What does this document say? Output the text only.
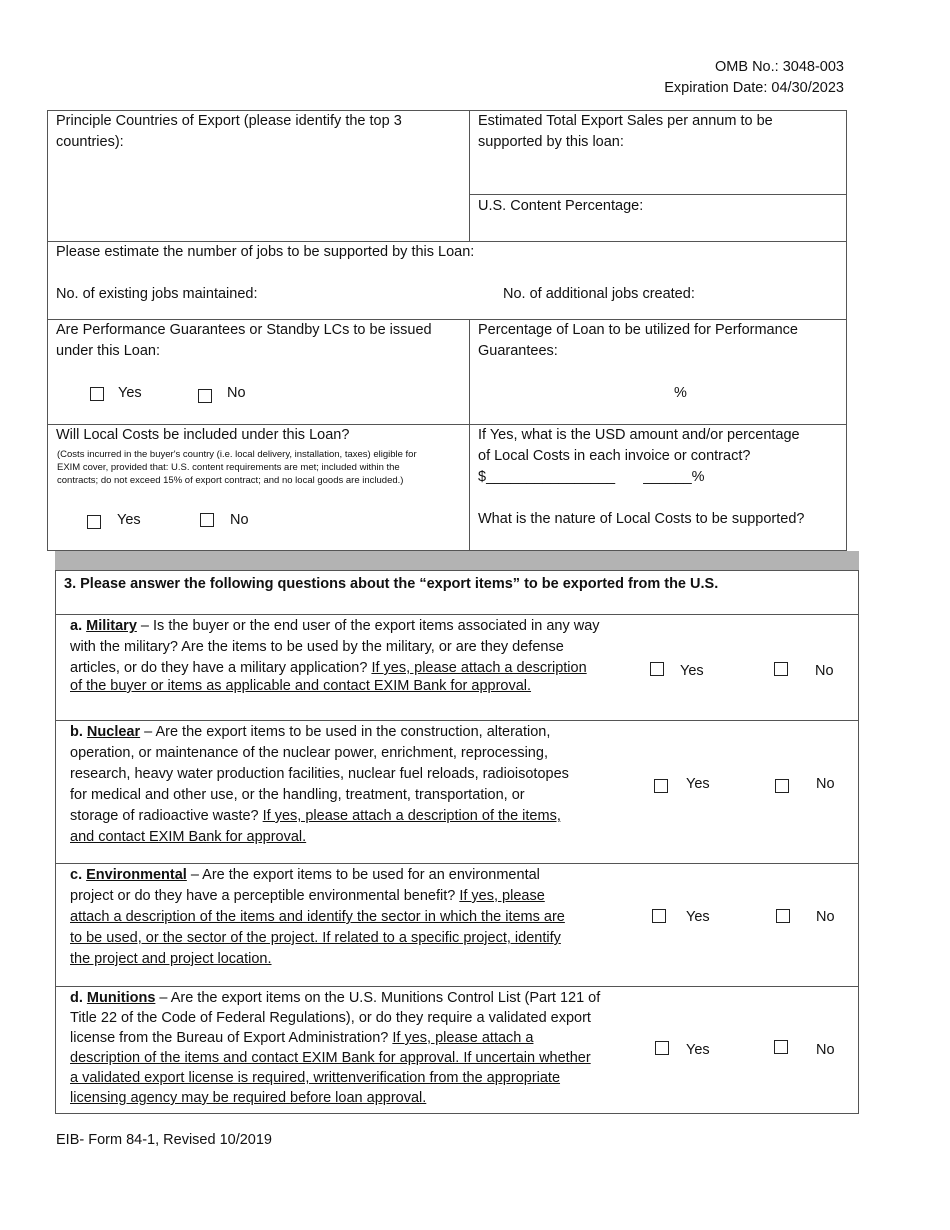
OMB No.: 3048-003
Expiration Date: 04/30/2023
Principle Countries of Export (please identify the top 3
countries):
Estimated Total Export Sales per annum to be
supported by this loan:
U.S. Content Percentage:
Please estimate the number of jobs to be supported by this Loan:
No. of existing jobs maintained:	No. of additional jobs created:
Are Performance Guarantees or Standby LCs to be issued
under this Loan:
Yes	No
Percentage of Loan to be utilized for Performance
Guarantees:
%
Will Local Costs be included under this Loan?
(Costs incurred in the buyer's country (i.e. local delivery, installation, taxes) eligible for
EXIM cover, provided that: U.S. content requirements are met; included within the
contracts; do not exceed 15% of export contract; and no local goods are included.)
Yes	No
If Yes, what is the USD amount and/or percentage
of Local Costs in each invoice or contract?
$________________       ______%
What is the nature of Local Costs to be supported?
3. Please answer the following questions about the “export items” to be exported from the U.S.
a. Military – Is the buyer or the end user of the export items associated in any way
with the military? Are the items to be used by the military, or are they defense
articles, or do they have a military application? If yes, please attach a description
of the buyer or items as applicable and contact EXIM Bank for approval.
Yes	No
b. Nuclear – Are the export items to be used in the construction, alteration,
operation, or maintenance of the nuclear power, enrichment, reprocessing,
research, heavy water production facilities, nuclear fuel reloads, radioisotopes
for medical and other use, or the handling, treatment, transportation, or
storage of radioactive waste? If yes, please attach a description of the items,
and contact EXIM Bank for approval.
Yes	No
c. Environmental – Are the export items to be used for an environmental
project or do they have a perceptible environmental benefit? If yes, please
attach a description of the items and identify the sector in which the items are
to be used, or the sector of the project. If related to a specific project, identify
the project and project location.
Yes	No
d. Munitions – Are the export items on the U.S. Munitions Control List (Part 121 of
Title 22 of the Code of Federal Regulations), or do they require a validated export
license from the Bureau of Export Administration? If yes, please attach a
description of the items and contact EXIM Bank for approval. If uncertain whether
a validated export license is required, writtenverification from the appropriate
licensing agency may be required before loan approval.
Yes	No
EIB- Form 84-1, Revised 10/2019
